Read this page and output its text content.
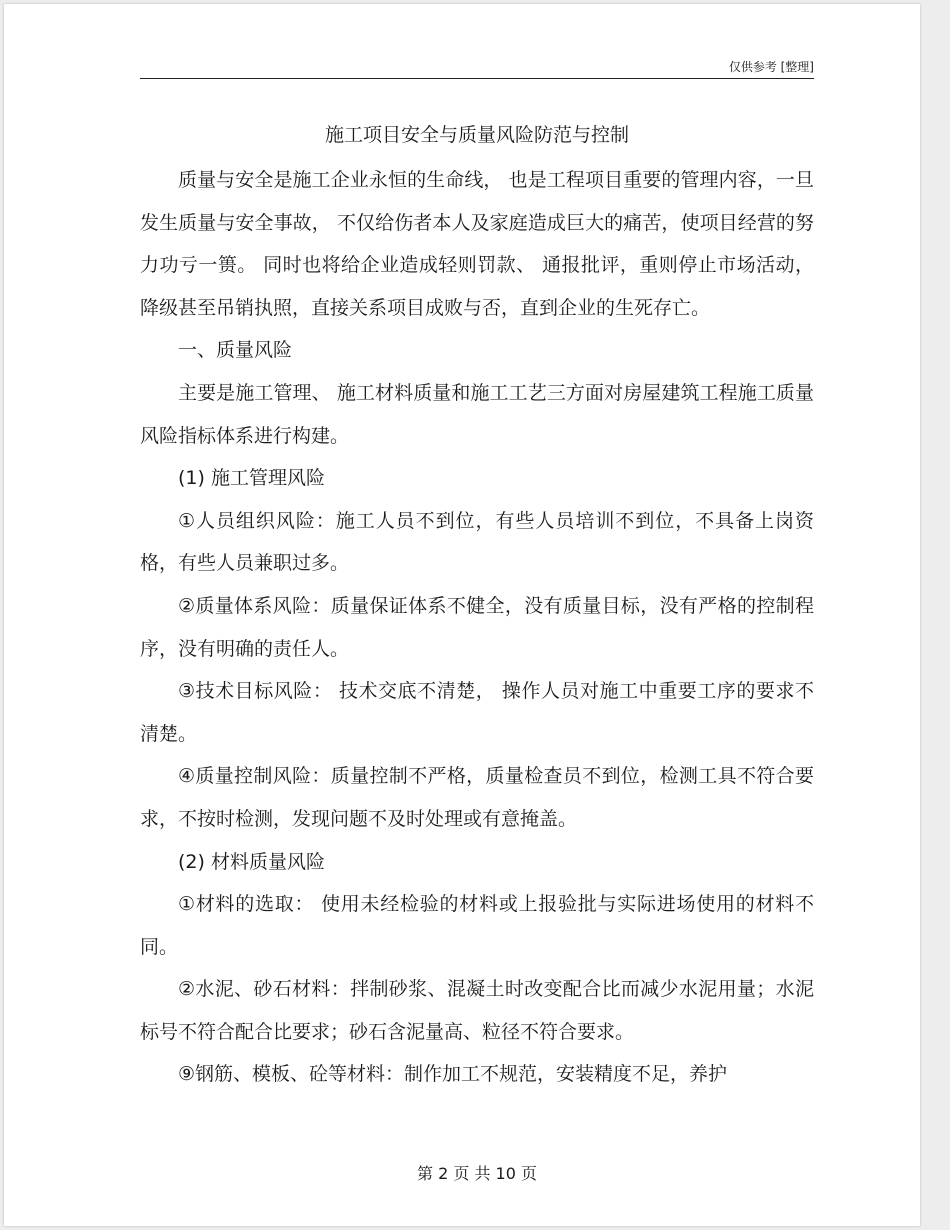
仅供参考 [整理]
施工项目安全与质量风险防范与控制

质量与安全是施工企业永恒的生命线， 也是工程项目重要的管理内容，一旦发生质量与安全事故， 不仅给伤者本人及家庭造成巨大的痛苦，使项目经营的努力功亏一篑。 同时也将给企业造成轻则罚款、 通报批评，重则停止市场活动，降级甚至吊销执照，直接关系项目成败与否，直到企业的生死存亡。

一、质量风险

主要是施工管理、 施工材料质量和施工工艺三方面对房屋建筑工程施工质量风险指标体系进行构建。

(1) 施工管理风险

①人员组织风险：施工人员不到位，有些人员培训不到位，不具备上岗资格，有些人员兼职过多。

②质量体系风险：质量保证体系不健全，没有质量目标，没有严格的控制程序，没有明确的责任人。

③技术目标风险： 技术交底不清楚， 操作人员对施工中重要工序的要求不清楚。

④质量控制风险：质量控制不严格，质量检查员不到位，检测工具不符合要求，不按时检测，发现问题不及时处理或有意掩盖。

(2) 材料质量风险

①材料的选取： 使用未经检验的材料或上报验批与实际进场使用的材料不同。

②水泥、砂石材料：拌制砂浆、混凝土时改变配合比而减少水泥用量；水泥标号不符合配合比要求；砂石含泥量高、粒径不符合要求。

⑨钢筋、模板、砼等材料：制作加工不规范，安装精度不足，养护

第 2 页 共 10 页
